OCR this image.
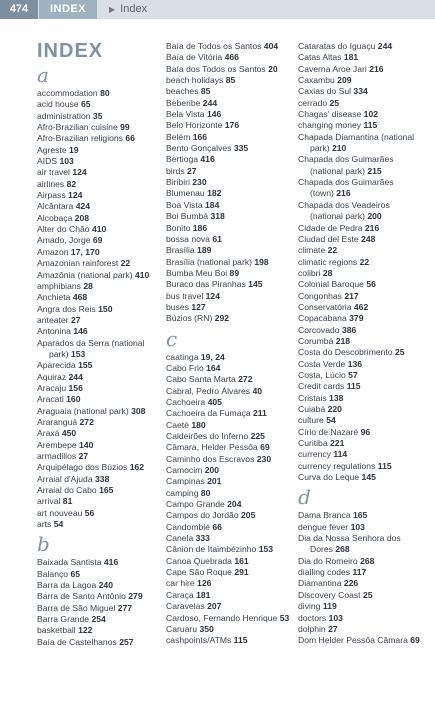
474	INDEX	▶ Index
INDEX
a
accommodation 80
acid house 65
administration 35
Afro-Brazilian cuisine 99
Afro-Brazilian religions 66
Agreste 19
AIDS 103
air travel 124
airlines 82
Airpass 124
Alcântara 424
Alcobaça 208
Alter do Chão 410
Amado, Jorge 69
Amazon 17, 170
Amazonian rainforest 22
Amazônia (national park) 410
amphibians 28
Anchieta 468
Angra dos Reis 150
anteater 27
Antonina 146
Aparados da Serra (national
park) 153
Aparecida 155
Aquiraz 244
Aracaju 156
Aracati 160
Araguaia (national park) 308
Araranguá 272
Araxá 450
Arembepe 140
armadillos 27
Arquipélago dos Búzios 162
Arraial d'Ajuda 338
Arraial do Cabo 165
arrival 81
art nouveau 56
arts 54
b
Baixada Santista 416
Balanço 65
Barra da Lagoa 240
Barra de Santo Antônio 279
Barra de São Miguel 277
Barra Grande 254
basketball 122
Baía de Castelhanos 257
Baía de Todos os Santos 404
Baía de Vitória 466
Baía dos Todos os Santos 20
beach holidays 85
beaches 85
Beberibe 244
Bela Vista 146
Belo Horizonte 176
Belém 166
Bento Gonçalves 335
Bertioga 416
birds 27
Biribiri 230
Blumenau 182
Boa Vista 184
Boi Bumbá 318
Bonito 186
bossa nova 61
Brasília 189
Brasília (national park) 198
Bumba Meu Boi 89
Buraco das Piranhas 145
bus travel 124
buses 127
Búzios (RN) 292
c
caatinga 19, 24
Cabo Frio 164
Cabo Santa Marta 272
Cabral, Pedro Álvares 40
Cachoeira 405
Cachoeira da Fumaça 211
Caeté 180
Caldeirões do Inferno 225
Câmara, Helder Pessôa 69
Caminho dos Escravos 230
Camocim 200
Campinas 201
camping 80
Campo Grande 204
Campos do Jordão 205
Candomblé 66
Canela 333
Cânion de Itaimbézinho 153
Canoa Quebrada 161
Cape São Roque 291
car hire 126
Caraça 181
Caravelas 207
Cardoso, Fernando Henrique 53
Caruaru 350
cashpoints/ATMs 115
Cataratas do Iguaçu 244
Catas Altas 181
Caverna Aroe Jari 216
Caxambu 209
Caxias do Sul 334
cerrado 25
Chagas' disease 102
changing money 115
Chapada Diamantina (national
park) 210
Chapada dos Guimarães
(national park) 215
Chapada dos Guimarães
(town) 216
Chapada dos Veadeiros
(national park) 200
Cidade de Pedra 216
Ciudad del Este 248
climate 22
climatic regions 22
colibri 28
Colonial Baroque 56
Congonhas 217
Conservatória 462
Copacabana 379
Corcovado 386
Corumbá 218
Costa do Descobrimento 25
Costa Verde 136
Costa, Lúcio 57
Credit cards 115
Cristais 138
Cuiabá 220
culture 54
Círio de Nazaré 96
Curitiba 221
currency 114
currency regulations 115
Curva do Leque 145
d
Dama Branca 165
dengue fever 103
Dia da Nossa Senhora dos
Dores 268
Dia do Romeiro 268
dialling codes 117
Diamantina 226
Discovery Coast 25
diving 119
doctors 103
dolphin 27
Dom Helder Pessôa Câmara 69
